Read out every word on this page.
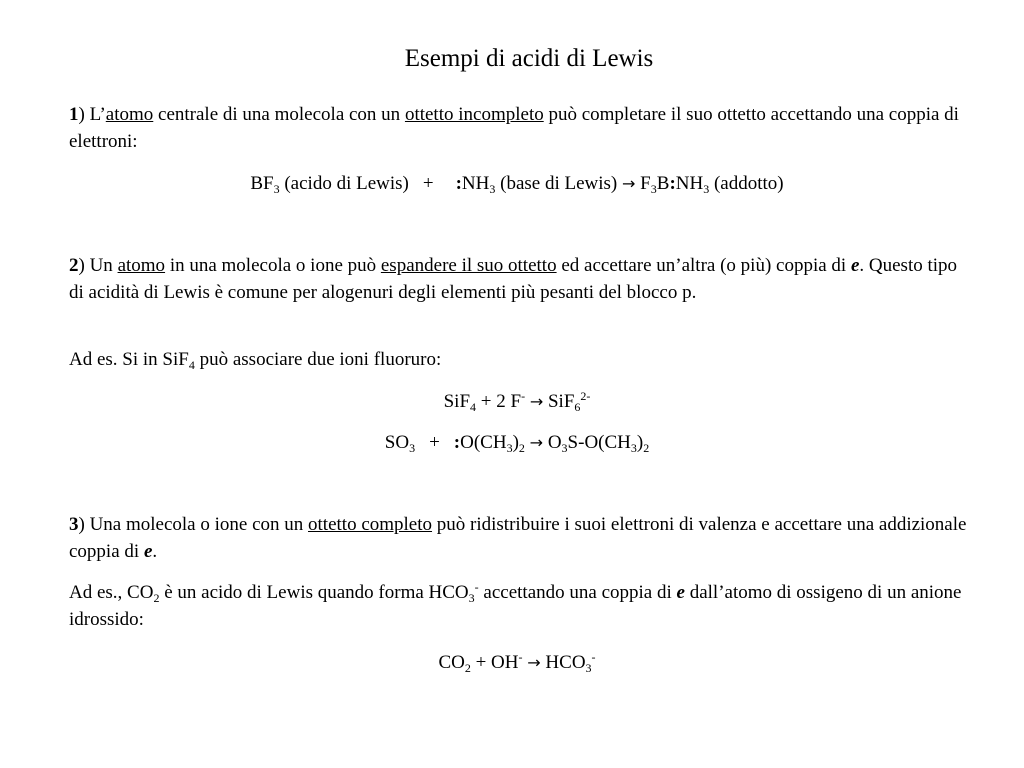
Esempi di acidi di Lewis
1) L’atomo centrale di una molecola con un ottetto incompleto può completare il suo ottetto accettando una coppia di elettroni:
$BF_3$ (acido di Lewis) + $:NH_3$ (base di Lewis) → $F_3B:NH_3$ (addotto)
2) Un atomo in una molecola o ione può espandere il suo ottetto ed accettare un’altra (o più) coppia di e. Questo tipo di acidità di Lewis è comune per alogenuri degli elementi più pesanti del blocco p.
Ad es. Si in SiF$_4$ può associare due ioni fluoruro:
SiF$_4$ + 2 F- → SiF$_6^{2-}$
$SO_3$ + $:O(CH_3)_2 \to O_3S-O(CH_3)_2$
3) Una molecola o ione con un ottetto completo può ridistribuire i suoi elettroni di valenza e accettare una addizionale coppia di e.
Ad es., $CO_2$ è un acido di Lewis quando forma $HCO_3^-$ accettando una coppia di e dall’atomo di ossigeno di un anione idrossido:
$CO_2 + OH^- \to HCO_3^-$
